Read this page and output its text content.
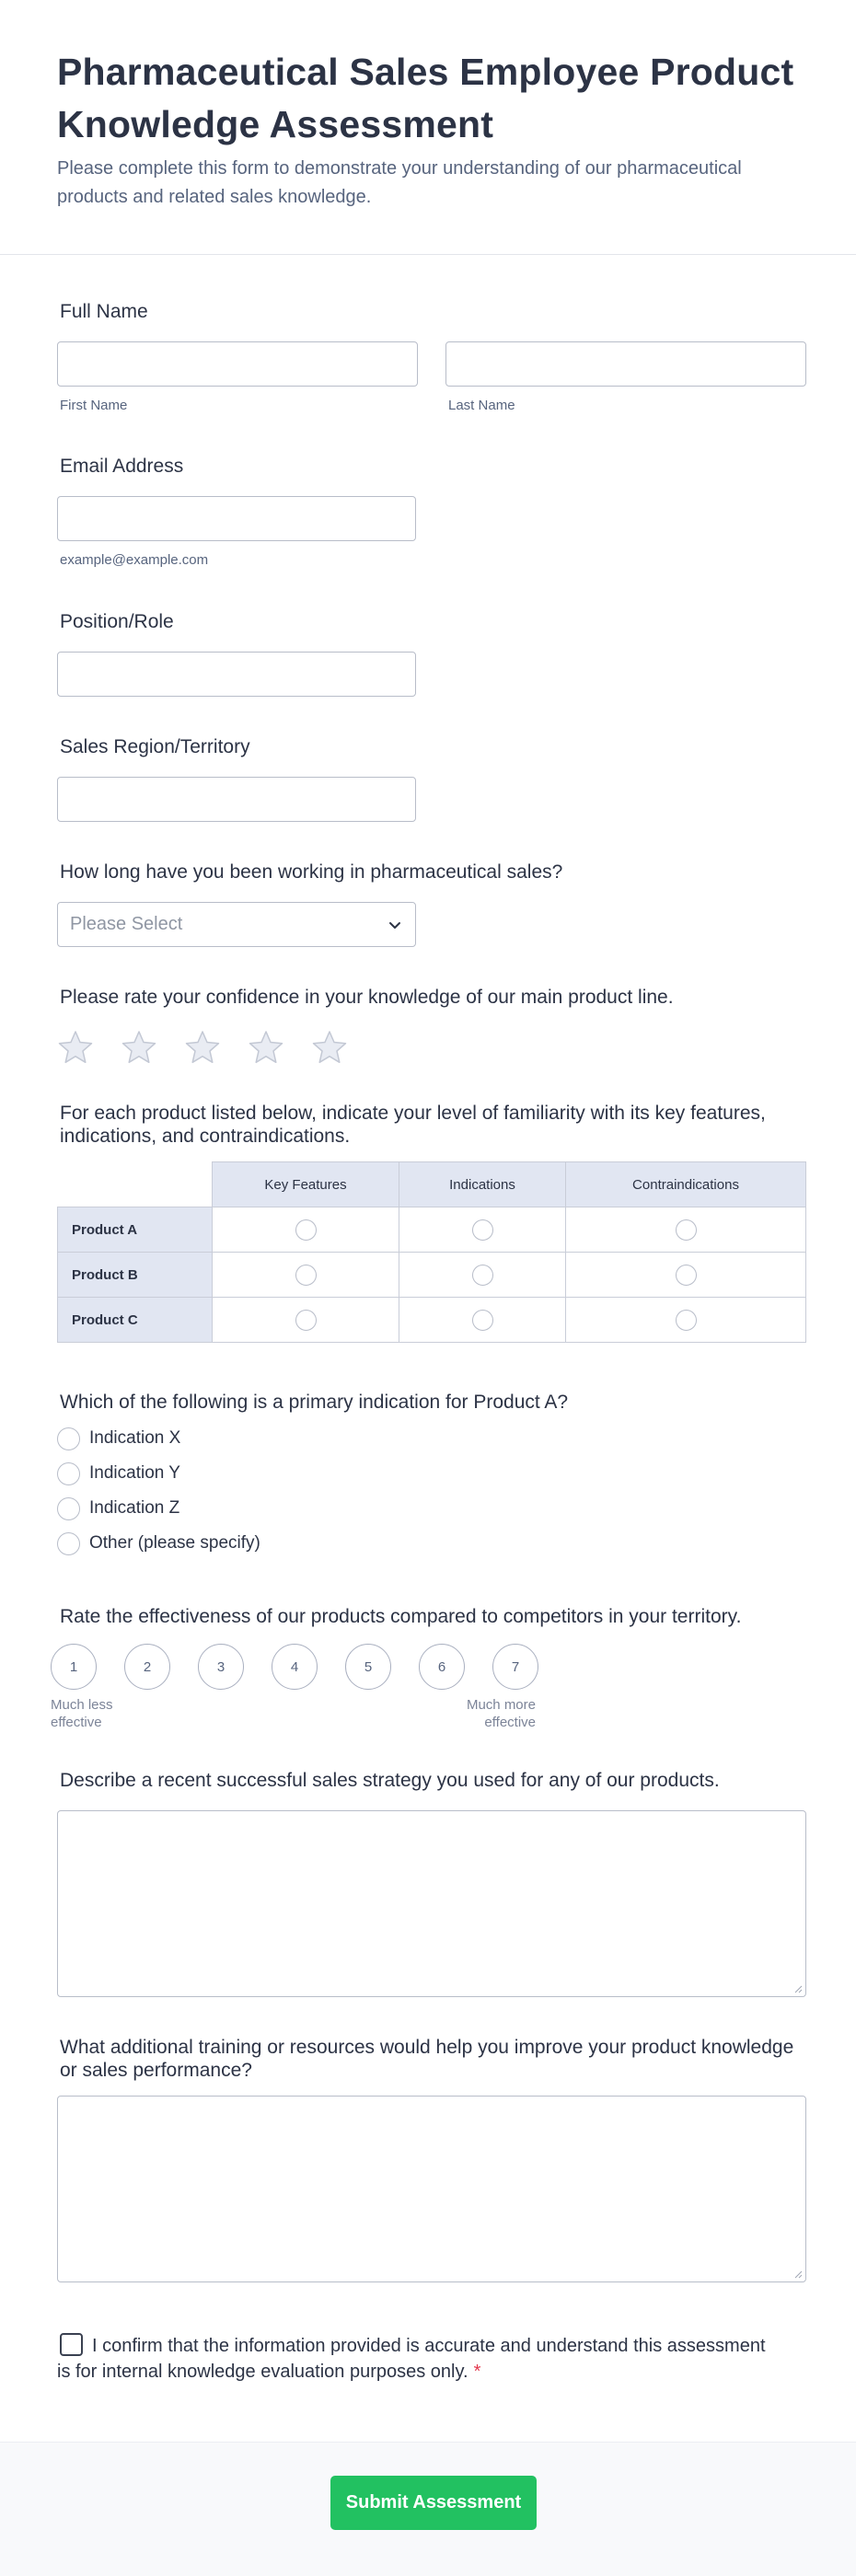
Pharmaceutical Sales Employee Product Knowledge Assessment

Please complete this form to demonstrate your understanding of our pharmaceutical products and related sales knowledge.

Full Name
First Name	Last Name
Email Address
example@example.com
Position/Role
Sales Region/Territory
How long have you been working in pharmaceutical sales?
Please Select
Please rate your confidence in your knowledge of our main product line.
For each product listed below, indicate your level of familiarity with its key features, indications, and contraindications.
	Key Features	Indications	Contraindications
Product A			
Product B			
Product C			
Which of the following is a primary indication for Product A?
Indication X
Indication Y
Indication Z
Other (please specify)
Rate the effectiveness of our products compared to competitors in your territory.
1	2	3	4	5	6	7
Much less effective
Much more effective
Describe a recent successful sales strategy you used for any of our products.
What additional training or resources would help you improve your product knowledge or sales performance?
I confirm that the information provided is accurate and understand this assessment is for internal knowledge evaluation purposes only. *
Submit Assessment
